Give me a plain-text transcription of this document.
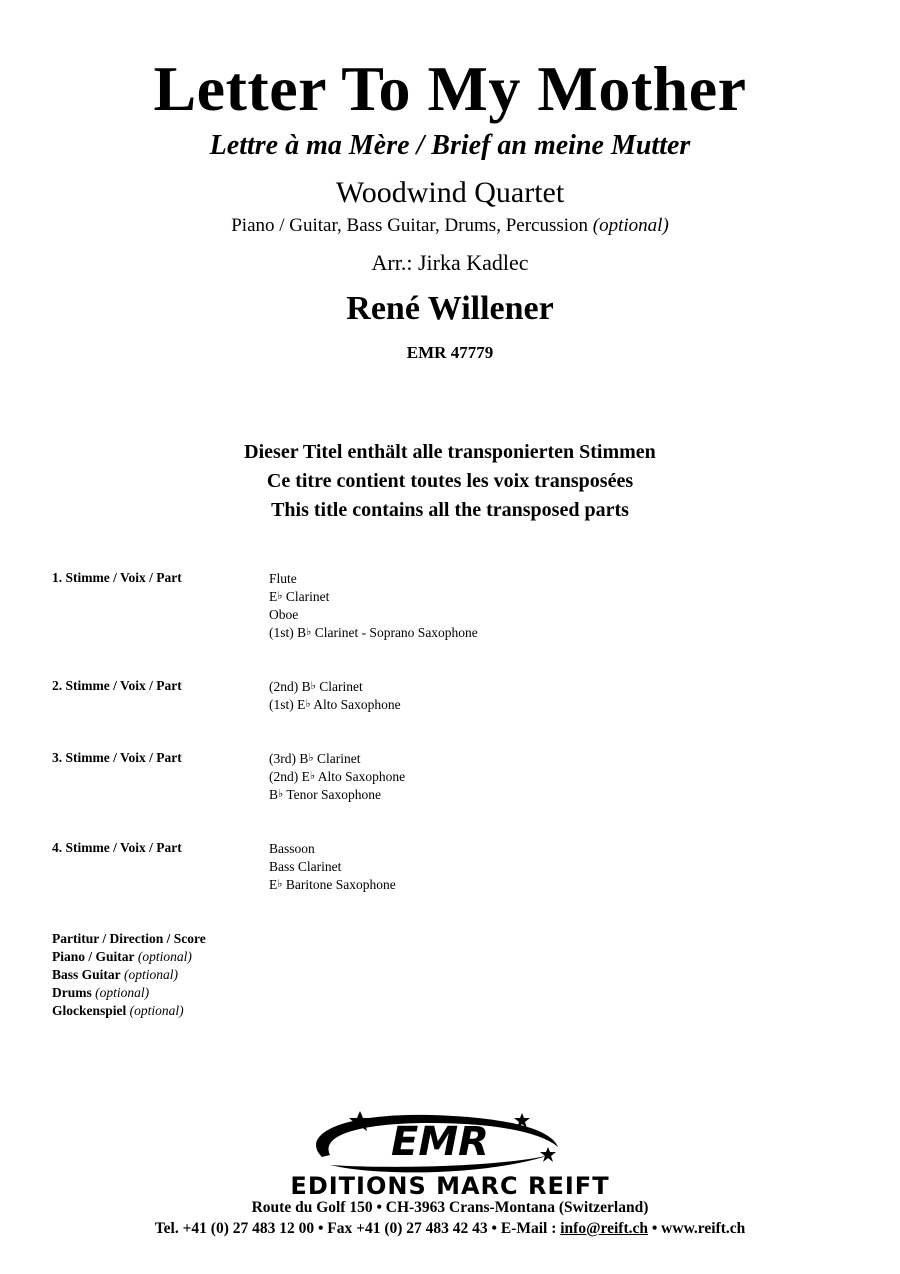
Letter To My Mother
Lettre à ma Mère / Brief an meine Mutter
Woodwind Quartet
Piano / Guitar, Bass Guitar, Drums, Percussion (optional)
Arr.: Jirka Kadlec
René Willener
EMR 47779
Dieser Titel enthält alle transponierten Stimmen
Ce titre contient toutes les voix transposées
This title contains all the transposed parts
1. Stimme / Voix / Part	Flute
E♭ Clarinet
Oboe
(1st) B♭ Clarinet - Soprano Saxophone
2. Stimme / Voix / Part	(2nd) B♭ Clarinet
(1st) E♭ Alto Saxophone
3. Stimme / Voix / Part	(3rd) B♭ Clarinet
(2nd) E♭ Alto Saxophone
B♭ Tenor Saxophone
4. Stimme / Voix / Part	Bassoon
Bass Clarinet
E♭ Baritone Saxophone
Partitur / Direction / Score
Piano / Guitar (optional)
Bass Guitar (optional)
Drums (optional)
Glockenspiel (optional)
EMR
EDITIONS MARC REIFT
Route du Golf 150 • CH-3963 Crans-Montana (Switzerland)
Tel. +41 (0) 27 483 12 00 • Fax +41 (0) 27 483 42 43 • E-Mail : info@reift.ch • www.reift.ch
